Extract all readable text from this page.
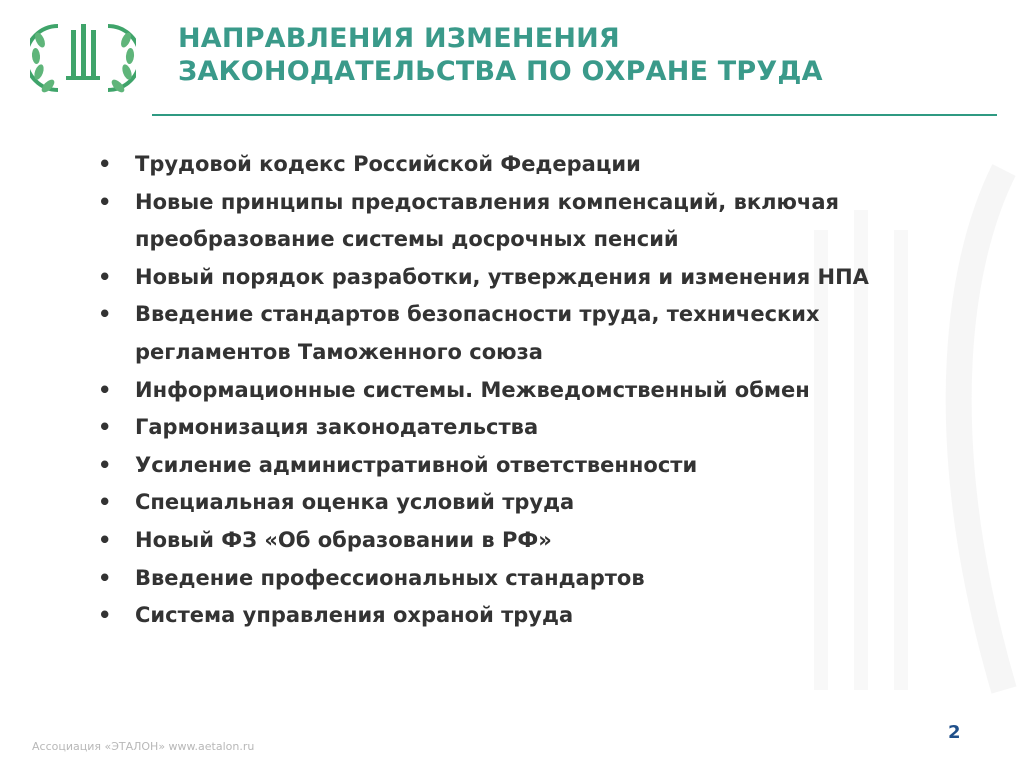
НАПРАВЛЕНИЯ ИЗМЕНЕНИЯ
ЗАКОНОДАТЕЛЬСТВА ПО ОХРАНЕ ТРУДА
•	Трудовой кодекс Российской Федерации
•	Новые принципы предоставления компенсаций, включая преобразование системы досрочных пенсий
•	Новый порядок разработки, утверждения и изменения НПА
•	Введение стандартов безопасности труда, технических регламентов Таможенного союза
•	Информационные системы. Межведомственный обмен
•	Гармонизация законодательства
•	Усиление административной ответственности
•	Специальная оценка условий труда
•	Новый ФЗ «Об образовании в РФ»
•	Введение профессиональных стандартов
•	Система управления охраной труда
Ассоциация «ЭТАЛОН» www.aetalon.ru
2
